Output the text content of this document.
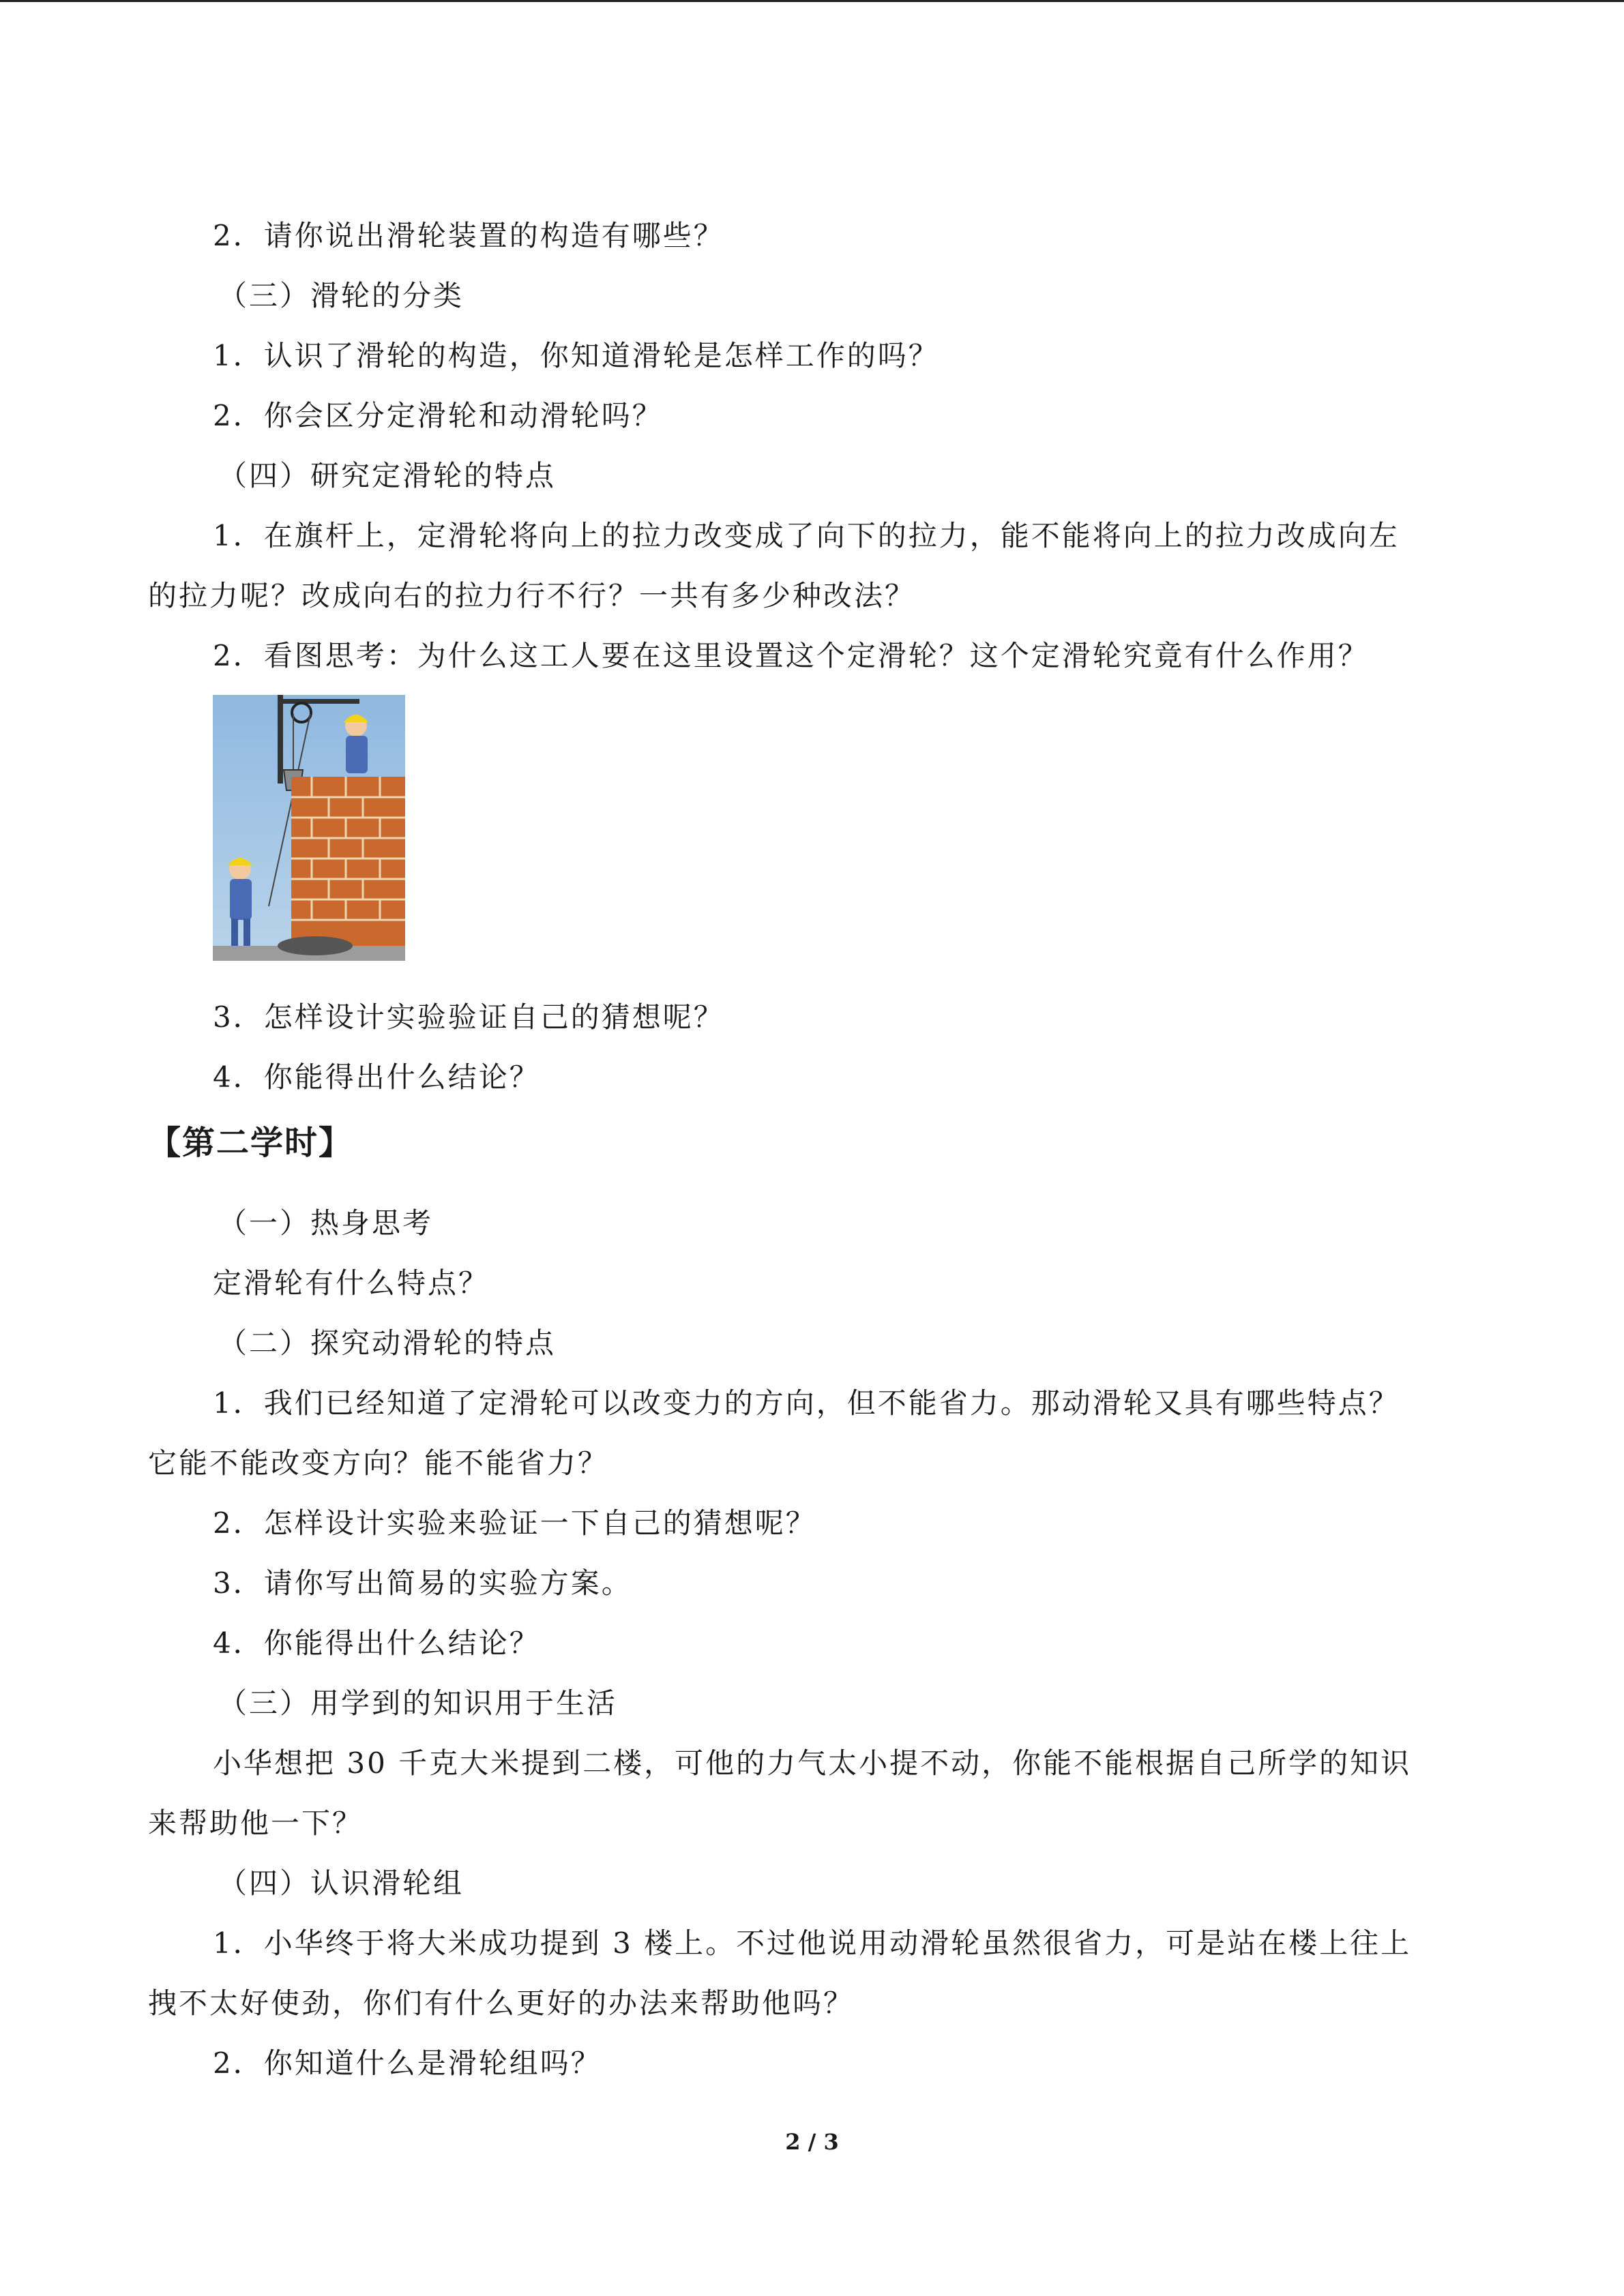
2．请你说出滑轮装置的构造有哪些？
（三）滑轮的分类
1．认识了滑轮的构造，你知道滑轮是怎样工作的吗？
2．你会区分定滑轮和动滑轮吗？
（四）研究定滑轮的特点
1．在旗杆上，定滑轮将向上的拉力改变成了向下的拉力，能不能将向上的拉力改成向左
的拉力呢？改成向右的拉力行不行？一共有多少种改法？
2．看图思考：为什么这工人要在这里设置这个定滑轮？这个定滑轮究竟有什么作用？
3．怎样设计实验验证自己的猜想呢？
4．你能得出什么结论？
【第二学时】
（一）热身思考
定滑轮有什么特点？
（二）探究动滑轮的特点
1．我们已经知道了定滑轮可以改变力的方向，但不能省力。那动滑轮又具有哪些特点？
它能不能改变方向？能不能省力？
2．怎样设计实验来验证一下自己的猜想呢？
3．请你写出简易的实验方案。
4．你能得出什么结论？
（三）用学到的知识用于生活
小华想把 30 千克大米提到二楼，可他的力气太小提不动，你能不能根据自己所学的知识
来帮助他一下？
（四）认识滑轮组
1．小华终于将大米成功提到 3 楼上。不过他说用动滑轮虽然很省力，可是站在楼上往上
拽不太好使劲，你们有什么更好的办法来帮助他吗？
2．你知道什么是滑轮组吗？
2 / 3
